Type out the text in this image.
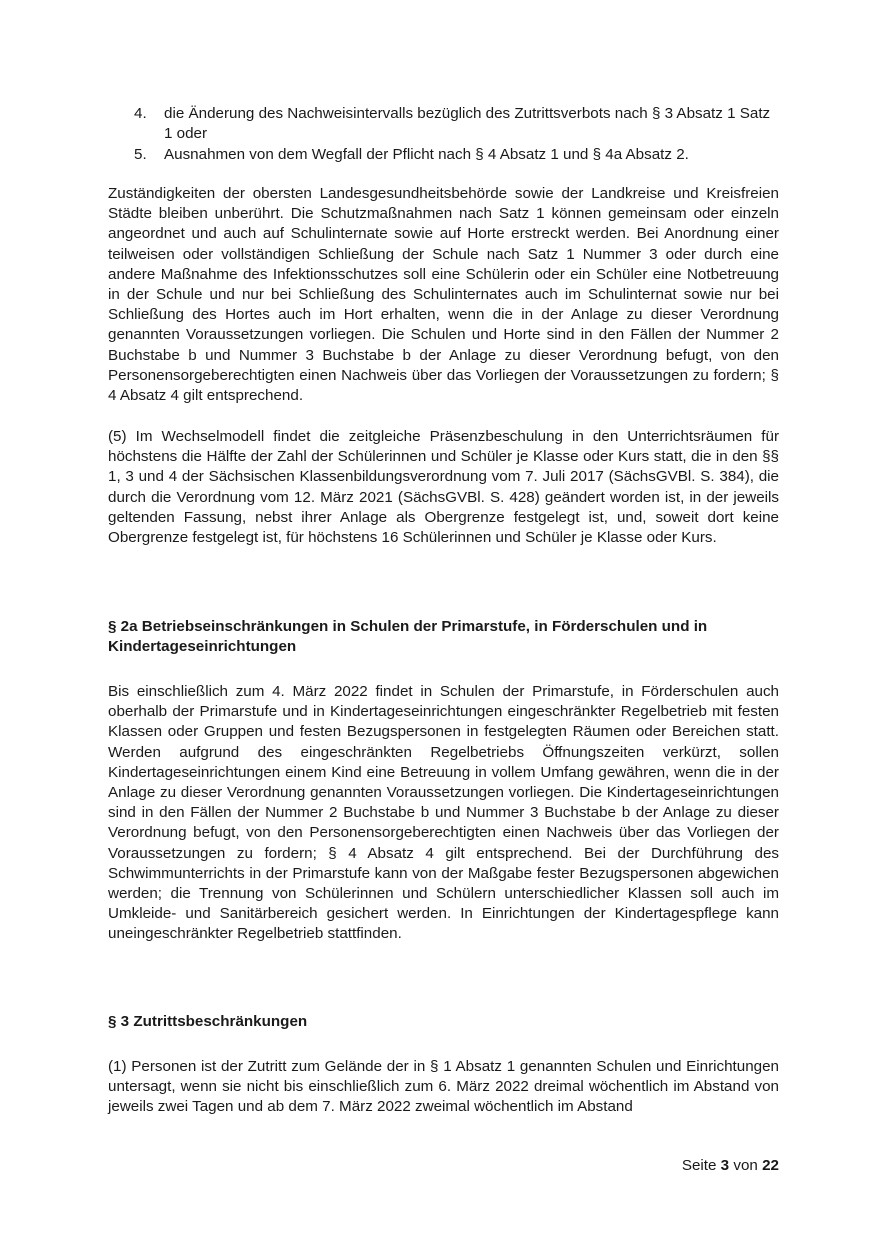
4. die Änderung des Nachweisintervalls bezüglich des Zutrittsverbots nach § 3 Absatz 1 Satz 1 oder
5. Ausnahmen von dem Wegfall der Pflicht nach § 4 Absatz 1 und § 4a Absatz 2.

Zuständigkeiten der obersten Landesgesundheitsbehörde sowie der Landkreise und Kreisfreien Städte bleiben unberührt. Die Schutzmaßnahmen nach Satz 1 können gemeinsam oder einzeln angeordnet und auch auf Schulinternate sowie auf Horte erstreckt werden. Bei Anordnung einer teilweisen oder vollständigen Schließung der Schule nach Satz 1 Nummer 3 oder durch eine andere Maßnahme des Infektionsschutzes soll eine Schülerin oder ein Schüler eine Notbetreuung in der Schule und nur bei Schließung des Schulinternates auch im Schulinternat sowie nur bei Schließung des Hortes auch im Hort erhalten, wenn die in der Anlage zu dieser Verordnung genannten Voraussetzungen vorliegen. Die Schulen und Horte sind in den Fällen der Nummer 2 Buchstabe b und Nummer 3 Buchstabe b der Anlage zu dieser Verordnung befugt, von den Personensorgeberechtigten einen Nachweis über das Vorliegen der Voraussetzungen zu fordern; § 4 Absatz 4 gilt entsprechend.

(5) Im Wechselmodell findet die zeitgleiche Präsenzbeschulung in den Unterrichtsräumen für höchstens die Hälfte der Zahl der Schülerinnen und Schüler je Klasse oder Kurs statt, die in den §§ 1, 3 und 4 der Sächsischen Klassenbildungsverordnung vom 7. Juli 2017 (SächsGVBl. S. 384), die durch die Verordnung vom 12. März 2021 (SächsGVBl. S. 428) geändert worden ist, in der jeweils geltenden Fassung, nebst ihrer Anlage als Obergrenze festgelegt ist, und, soweit dort keine Obergrenze festgelegt ist, für höchstens 16 Schülerinnen und Schüler je Klasse oder Kurs.

§ 2a Betriebseinschränkungen in Schulen der Primarstufe, in Förderschulen und in Kindertageseinrichtungen

Bis einschließlich zum 4. März 2022 findet in Schulen der Primarstufe, in Förderschulen auch oberhalb der Primarstufe und in Kindertageseinrichtungen eingeschränkter Regelbetrieb mit festen Klassen oder Gruppen und festen Bezugspersonen in festgelegten Räumen oder Bereichen statt. Werden aufgrund des eingeschränkten Regelbetriebs Öffnungszeiten verkürzt, sollen Kindertageseinrichtungen einem Kind eine Betreuung in vollem Umfang gewähren, wenn die in der Anlage zu dieser Verordnung genannten Voraussetzungen vorliegen. Die Kindertageseinrichtungen sind in den Fällen der Nummer 2 Buchstabe b und Nummer 3 Buchstabe b der Anlage zu dieser Verordnung befugt, von den Personensorgeberechtigten einen Nachweis über das Vorliegen der Voraussetzungen zu fordern; § 4 Absatz 4 gilt entsprechend. Bei der Durchführung des Schwimmunterrichts in der Primarstufe kann von der Maßgabe fester Bezugspersonen abgewichen werden; die Trennung von Schülerinnen und Schülern unterschiedlicher Klassen soll auch im Umkleide- und Sanitärbereich gesichert werden. In Einrichtungen der Kindertagespflege kann uneingeschränkter Regelbetrieb stattfinden.

§ 3 Zutrittsbeschränkungen

(1) Personen ist der Zutritt zum Gelände der in § 1 Absatz 1 genannten Schulen und Einrichtungen untersagt, wenn sie nicht bis einschließlich zum 6. März 2022 dreimal wöchentlich im Abstand von jeweils zwei Tagen und ab dem 7. März 2022 zweimal wöchentlich im Abstand

Seite 3 von 22
